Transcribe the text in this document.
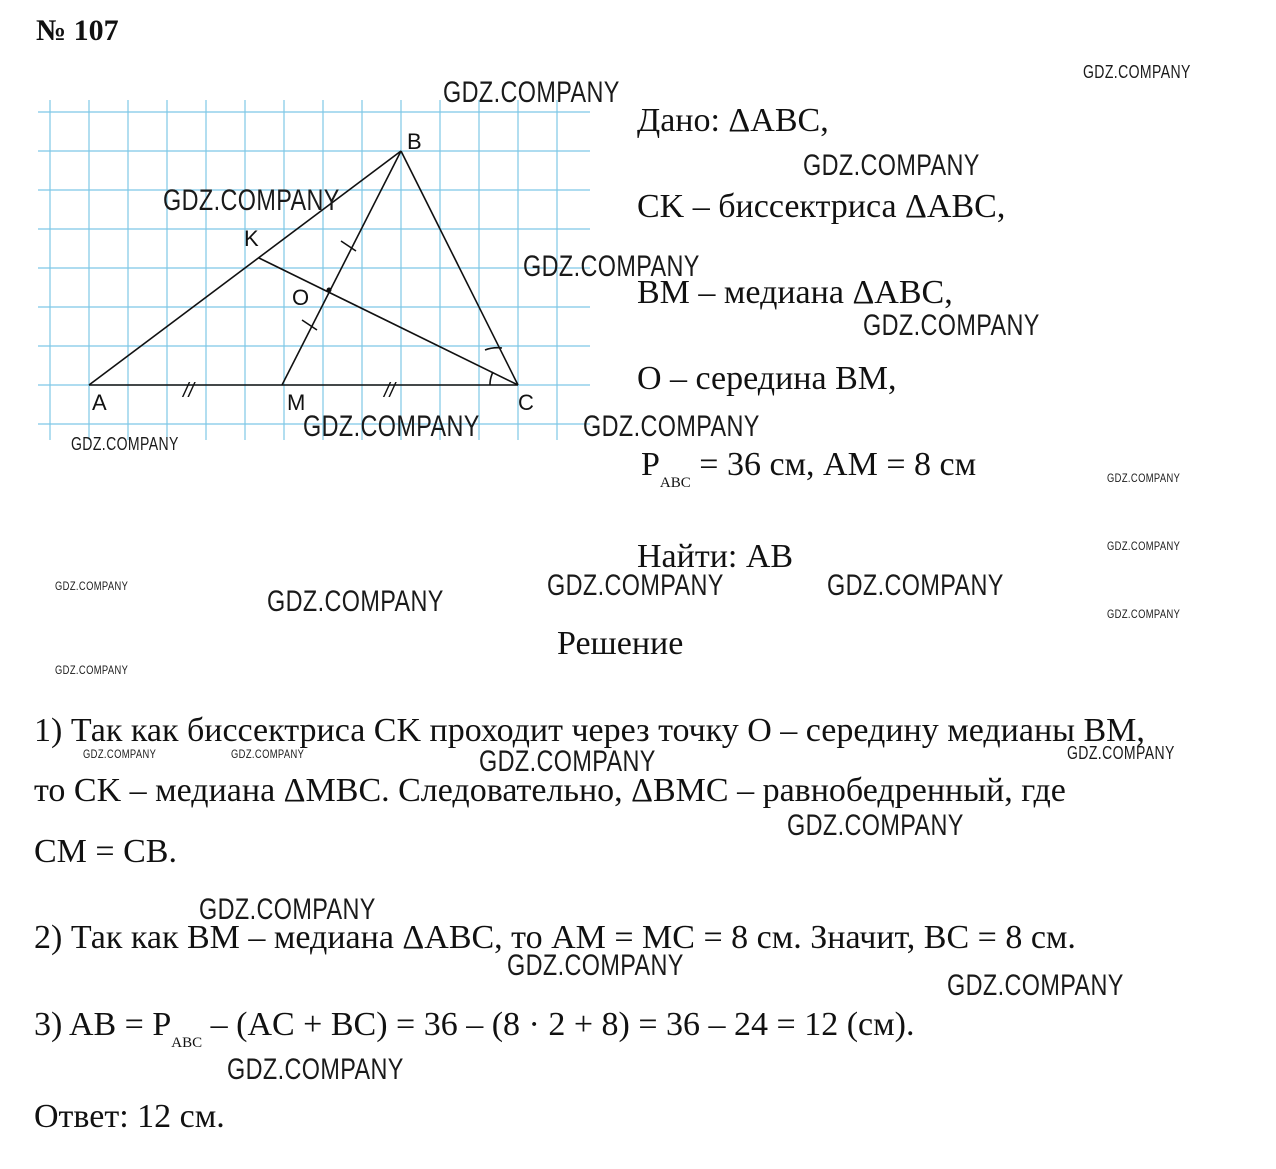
№ 107
A
B
C
K
M
O
//	//
Дано: ΔABC,
CK – биссектриса ΔABC,
BM – медиана ΔABC,
O – середина BM,
$P_{ABC} = 36$ см, AM = 8 см
Найти: AB
Решение
1) Так как биссектриса CK проходит через точку O – середину медианы BM,
то CK – медиана ΔMBC. Следовательно, ΔBMC – равнобедренный, где
CM = CB.
2) Так как BM – медиана ΔABC, то AM = MC = 8 см. Значит, BC = 8 см.
3) AB = $P_{ABC} - (AC + BC) = 36 - (8 \cdot 2 + 8) = 36 - 24 = 12$ (см).
Ответ: 12 см.
GDZ.COMPANY
GDZ.COMPANY
GDZ.COMPANY
GDZ.COMPANY
GDZ.COMPANY
GDZ.COMPANY
GDZ.COMPANY	GDZ.COMPANY
GDZ.COMPANY
GDZ.COMPANY
GDZ.COMPANY
GDZ.COMPANY
GDZ.COMPANY	GDZ.COMPANY
GDZ.COMPANY
GDZ.COMPANY
GDZ.COMPANY
GDZ.COMPANY	GDZ.COMPANY	GDZ.COMPANY	GDZ.COMPANY
GDZ.COMPANY
GDZ.COMPANY
GDZ.COMPANY
GDZ.COMPANY
GDZ.COMPANY
